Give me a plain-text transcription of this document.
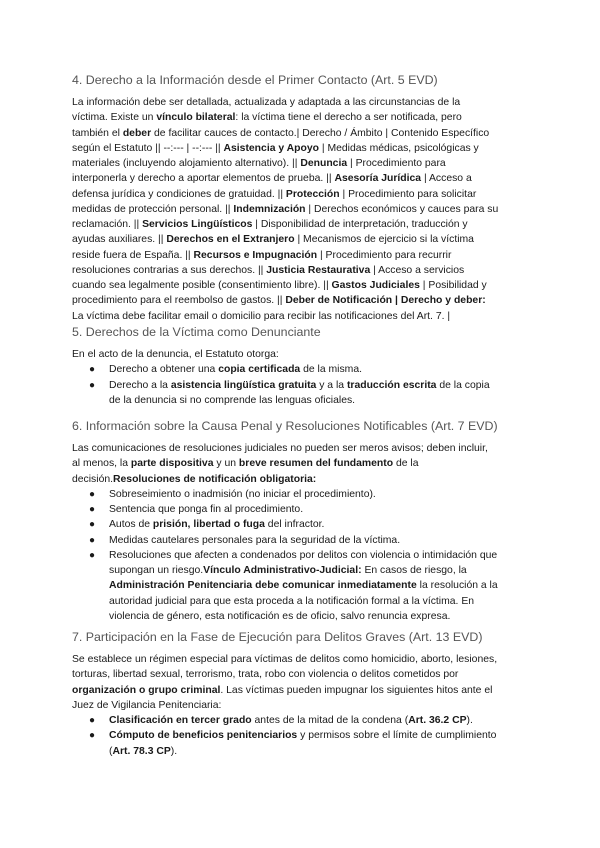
4. Derecho a la Información desde el Primer Contacto (Art. 5 EVD)
La información debe ser detallada, actualizada y adaptada a las circunstancias de la
víctima. Existe un vínculo bilateral: la víctima tiene el derecho a ser notificada, pero
también el deber de facilitar cauces de contacto.| Derecho / Ámbito | Contenido Específico
según el Estatuto || --:--- | --:--- || Asistencia y Apoyo | Medidas médicas, psicológicas y
materiales (incluyendo alojamiento alternativo). || Denuncia | Procedimiento para
interponerla y derecho a aportar elementos de prueba. || Asesoría Jurídica | Acceso a
defensa jurídica y condiciones de gratuidad. || Protección | Procedimiento para solicitar
medidas de protección personal. || Indemnización | Derechos económicos y cauces para su
reclamación. || Servicios Lingüísticos | Disponibilidad de interpretación, traducción y
ayudas auxiliares. || Derechos en el Extranjero | Mecanismos de ejercicio si la víctima
reside fuera de España. || Recursos e Impugnación | Procedimiento para recurrir
resoluciones contrarias a sus derechos. || Justicia Restaurativa | Acceso a servicios
cuando sea legalmente posible (consentimiento libre). || Gastos Judiciales | Posibilidad y
procedimiento para el reembolso de gastos. || Deber de Notificación | Derecho y deber:
La víctima debe facilitar email o domicilio para recibir las notificaciones del Art. 7. |
5. Derechos de la Víctima como Denunciante
En el acto de la denuncia, el Estatuto otorga:
● Derecho a obtener una copia certificada de la misma.
● Derecho a la asistencia lingüística gratuita y a la traducción escrita de la copia
de la denuncia si no comprende las lenguas oficiales.
6. Información sobre la Causa Penal y Resoluciones Notificables (Art. 7 EVD)
Las comunicaciones de resoluciones judiciales no pueden ser meros avisos; deben incluir,
al menos, la parte dispositiva y un breve resumen del fundamento de la
decisión.Resoluciones de notificación obligatoria:
● Sobreseimiento o inadmisión (no iniciar el procedimiento).
● Sentencia que ponga fin al procedimiento.
● Autos de prisión, libertad o fuga del infractor.
● Medidas cautelares personales para la seguridad de la víctima.
● Resoluciones que afecten a condenados por delitos con violencia o intimidación que
supongan un riesgo.Vínculo Administrativo-Judicial: En casos de riesgo, la
Administración Penitenciaria debe comunicar inmediatamente la resolución a la
autoridad judicial para que esta proceda a la notificación formal a la víctima. En
violencia de género, esta notificación es de oficio, salvo renuncia expresa.
7. Participación en la Fase de Ejecución para Delitos Graves (Art. 13 EVD)
Se establece un régimen especial para víctimas de delitos como homicidio, aborto, lesiones,
torturas, libertad sexual, terrorismo, trata, robo con violencia o delitos cometidos por
organización o grupo criminal. Las víctimas pueden impugnar los siguientes hitos ante el
Juez de Vigilancia Penitenciaria:
● Clasificación en tercer grado antes de la mitad de la condena (Art. 36.2 CP).
● Cómputo de beneficios penitenciarios y permisos sobre el límite de cumplimiento
(Art. 78.3 CP).
